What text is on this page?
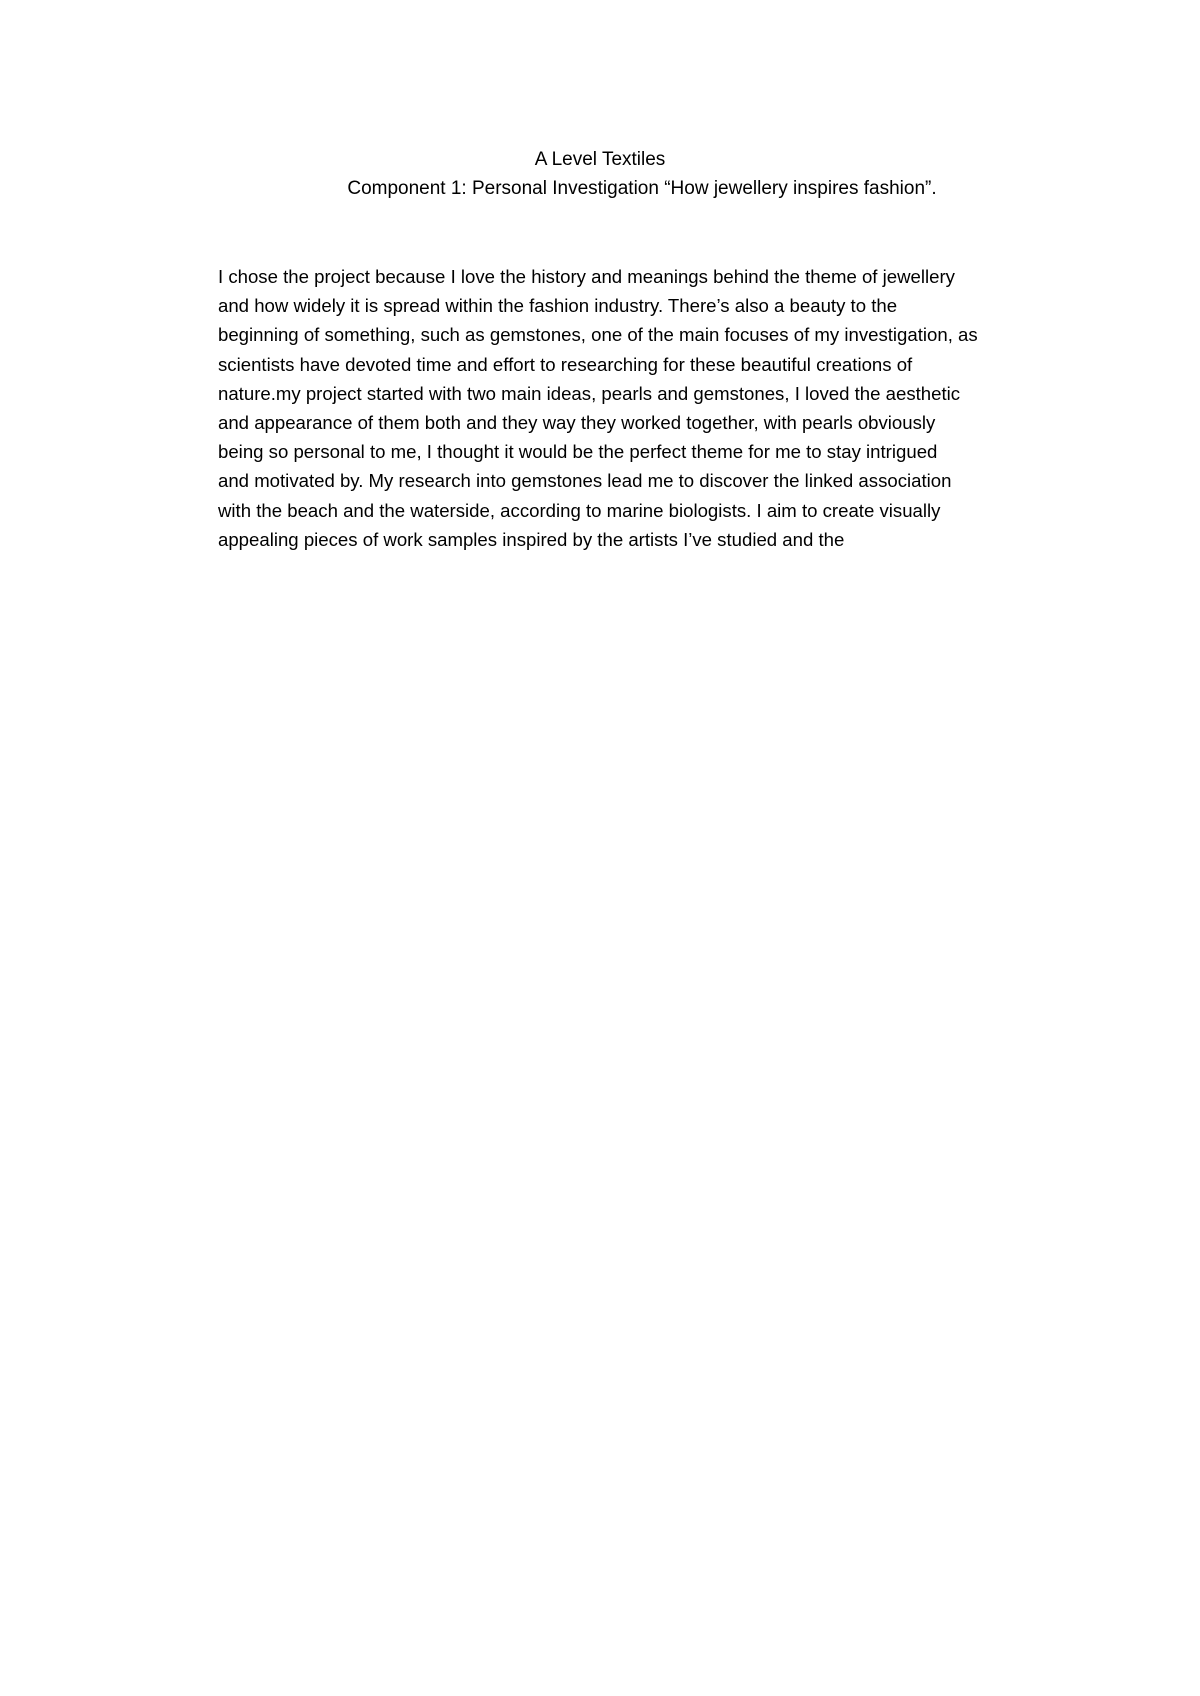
A Level Textiles
Component 1: Personal Investigation “How jewellery inspires fashion”.
I chose the project because I love the history and meanings behind the theme of jewellery
and how widely it is spread within the fashion industry. There’s also a beauty to the
beginning of something, such as gemstones, one of the main focuses of my investigation, as
scientists have devoted time and effort to researching for these beautiful creations of
nature.my project started with two main ideas, pearls and gemstones, I loved the aesthetic
and appearance of them both and they way they worked together, with pearls obviously
being so personal to me, I thought it would be the perfect theme for me to stay intrigued
and motivated by. My research into gemstones lead me to discover the linked association
with the beach and the waterside, according to marine biologists. I aim to create visually
appealing pieces of work samples inspired by the artists I’ve studied and the
